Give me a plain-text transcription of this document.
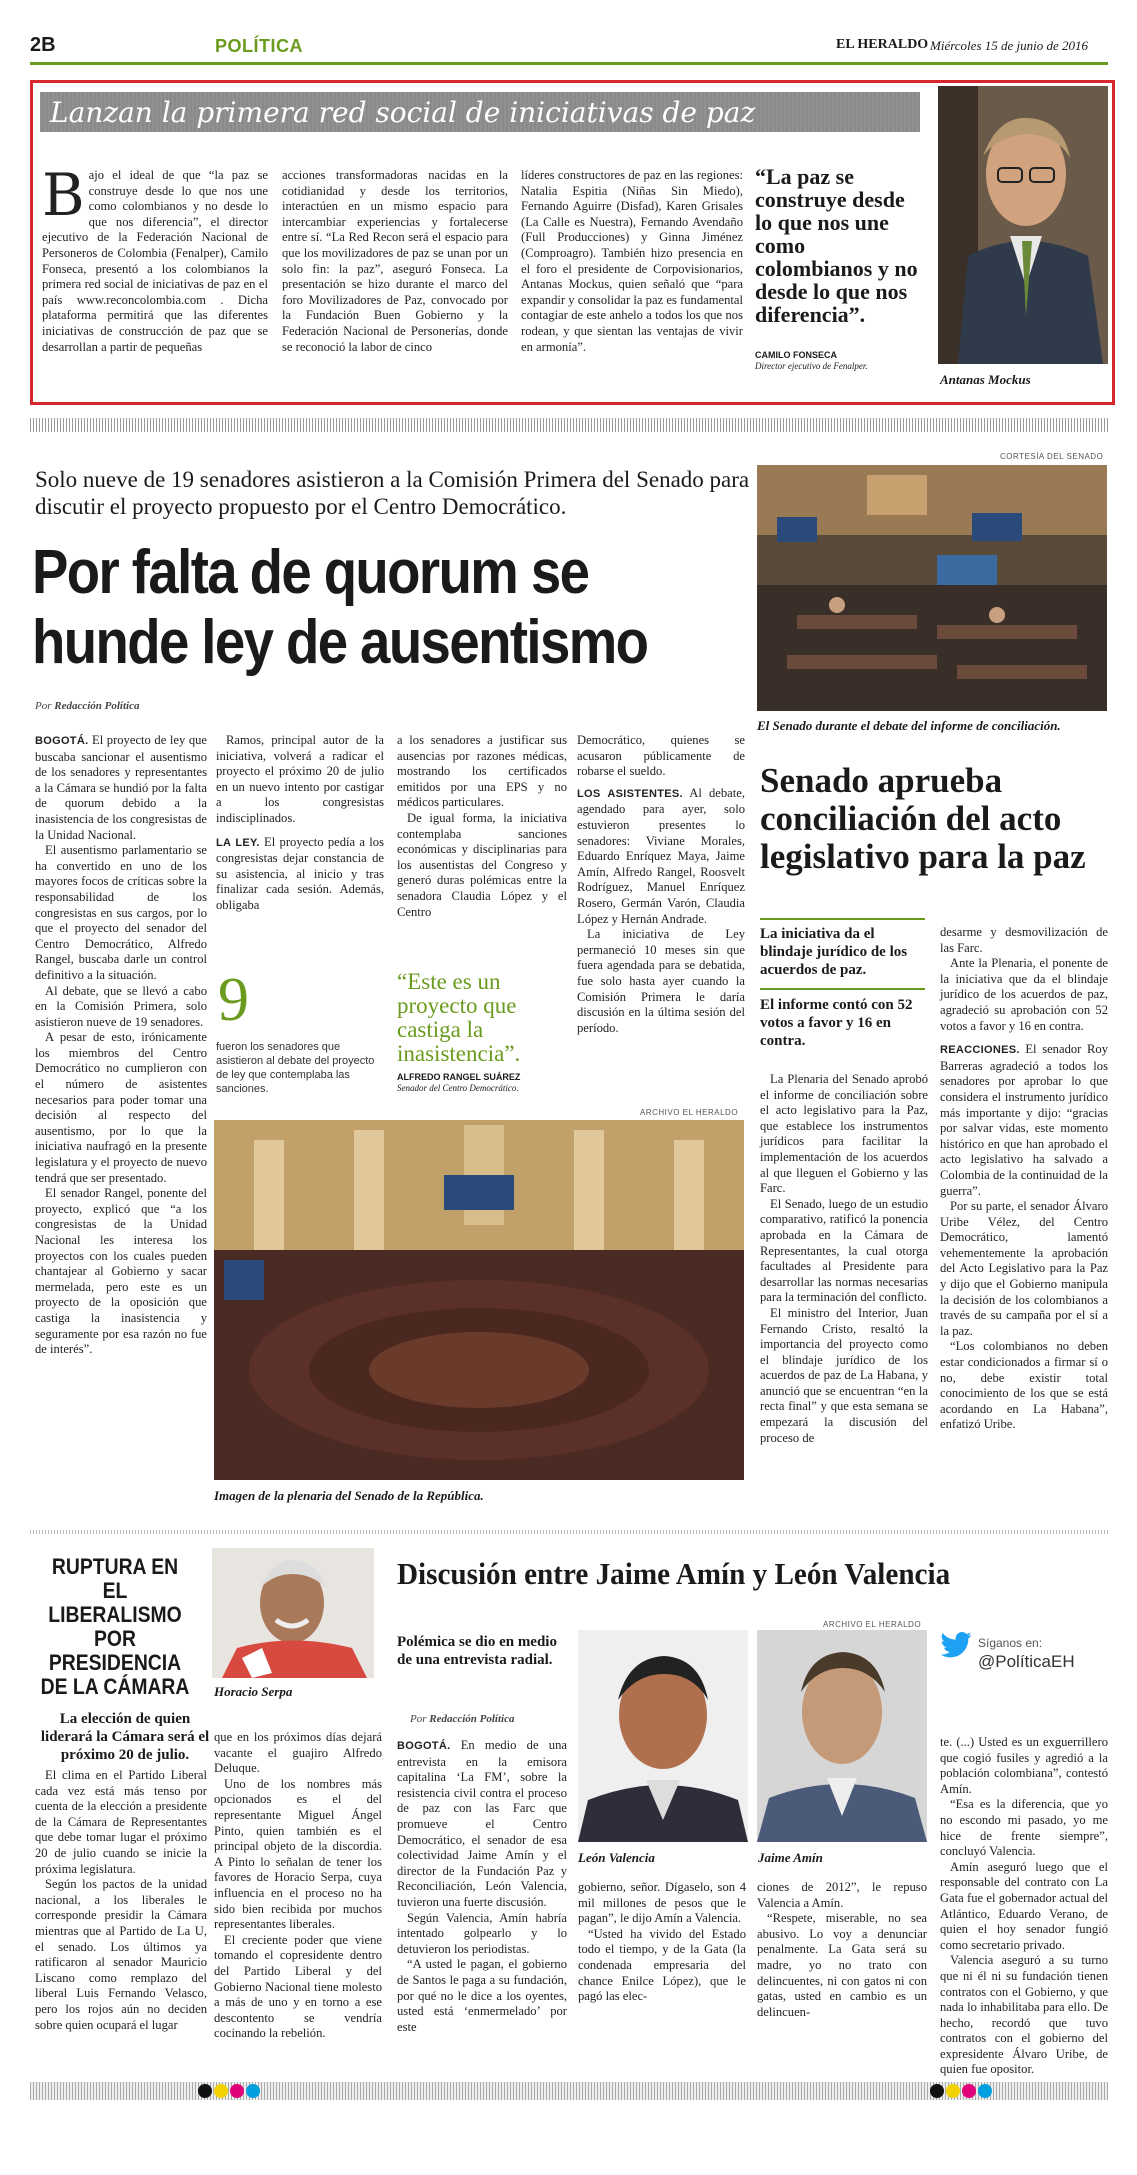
2B	POLÍTICA	EL HERALDO Miércoles 15 de junio de 2016
Lanzan la primera red social de iniciativas de paz

Bajo el ideal de que “la paz se construye desde lo que nos une como colombianos y no desde lo que nos diferencia”, el director ejecutivo de la Federación Nacional de Personeros de Colombia (Fenalper), Camilo Fonseca, presentó a los colombianos la primera red social de iniciativas de paz en el país www.reconcolombia.com . Dicha plataforma permitirá que las diferentes iniciativas de construcción de paz que se desarrollan a partir de pequeñas

acciones transformadoras nacidas en la cotidianidad y desde los territorios, interactúen en un mismo espacio para intercambiar experiencias y fortalecerse entre sí. “La Red Recon será el espacio para que los movilizadores de paz se unan por un solo fin: la paz”, aseguró Fonseca. La presentación se hizo durante el marco del foro Movilizadores de Paz, convocado por la Fundación Buen Gobierno y la Federación Nacional de Personerías, donde se reconoció la labor de cinco

líderes constructores de paz en las regiones: Natalia Espitia (Niñas Sin Miedo), Fernando Aguirre (Disfad), Karen Grisales (La Calle es Nuestra), Fernando Avendaño (Full Producciones) y Ginna Jiménez (Comproagro). También hizo presencia en el foro el presidente de Corpovisionarios, Antanas Mockus, quien señaló que “para expandir y consolidar la paz es fundamental contagiar de este anhelo a todos los que nos rodean, y que sientan las ventajas de vivir en armonía”.

“La paz se construye desde lo que nos une como colombianos y no desde lo que nos diferencia”.
CAMILO FONSECA
Director ejecutivo de Fenalper.
Antanas Mockus
Solo nueve de 19 senadores asistieron a la Comisión Primera del Senado para discutir el proyecto propuesto por el Centro Democrático.
Por falta de quorum se hunde ley de ausentismo
Por Redacción Política
CORTESÍA DEL SENADO
El Senado durante el debate del informe de conciliación.

BOGOTÁ. El proyecto de ley que buscaba sancionar el ausentismo de los senadores y representantes a la Cámara se hundió por la falta de quorum debido a la inasistencia de los congresistas de la Unidad Nacional.

El ausentismo parlamentario se ha convertido en uno de los mayores focos de críticas sobre la responsabilidad de los congresistas en sus cargos, por lo que el proyecto del senador del Centro Democrático, Alfredo Rangel, buscaba darle un control definitivo a la situación.

Al debate, que se llevó a cabo en la Comisión Primera, solo asistieron nueve de 19 senadores.

A pesar de esto, irónicamente los miembros del Centro Democrático no cumplieron con el número de asistentes necesarios para poder tomar una decisión al respecto del ausentismo, por lo que la iniciativa naufragó en la presente legislatura y el proyecto de nuevo tendrá que ser presentado.

El senador Rangel, ponente del proyecto, explicó que “a los congresistas de la Unidad Nacional les interesa los proyectos con los cuales pueden chantajear al Gobierno y sacar mermelada, pero este es un proyecto de la oposición que castiga la inasistencia y seguramente por esa razón no fue de interés”.

Ramos, principal autor de la iniciativa, volverá a radicar el proyecto el próximo 20 de julio en un nuevo intento por castigar a los congresistas indisciplinados.

LA LEY. El proyecto pedía a los congresistas dejar constancia de su asistencia, al inicio y tras finalizar cada sesión. Además, obligaba

a los senadores a justificar sus ausencias por razones médicas, mostrando los certificados emitidos por una EPS y no médicos particulares.

De igual forma, la iniciativa contemplaba sanciones económicas y disciplinarias para los ausentistas del Congreso y generó duras polémicas entre la senadora Claudia López y el Centro

Democrático, quienes se acusaron públicamente de robarse el sueldo.

LOS ASISTENTES. Al debate, agendado para ayer, solo estuvieron presentes lo senadores: Viviane Morales, Eduardo Enríquez Maya, Jaime Amín, Alfredo Rangel, Roosvelt Rodríguez, Manuel Enríquez Rosero, Germán Varón, Claudia López y Hernán Andrade.

La iniciativa de Ley permaneció 10 meses sin que fuera agendada para se debatida, fue solo hasta ayer cuando la Comisión Primera le daría discusión en la última sesión del período.

9
fueron los senadores que asistieron al debate del proyecto de ley que contemplaba las sanciones.
“Este es un proyecto que castiga la inasistencia”.
ALFREDO RANGEL SUÁREZ
Senador del Centro Democrático.
ARCHIVO EL HERALDO
Imagen de la plenaria del Senado de la República.
Senado aprueba conciliación del acto legislativo para la paz
La iniciativa da el blindaje jurídico de los acuerdos de paz.
El informe contó con 52 votos a favor y 16 en contra.

La Plenaria del Senado aprobó el informe de conciliación sobre el acto legislativo para la Paz, que establece los instrumentos jurídicos para facilitar la implementación de los acuerdos al que lleguen el Gobierno y las Farc.

El Senado, luego de un estudio comparativo, ratificó la ponencia aprobada en la Cámara de Representantes, la cual otorga facultades al Presidente para desarrollar las normas necesarias para la terminación del conflicto.

El ministro del Interior, Juan Fernando Cristo, resaltó la importancia del proyecto como el blindaje jurídico de los acuerdos de paz de La Habana, y anunció que se encuentran “en la recta final” y que esta semana se empezará la discusión del proceso de

desarme y desmovilización de las Farc.

Ante la Plenaria, el ponente de la iniciativa que da el blindaje jurídico de los acuerdos de paz, agradeció su aprobación con 52 votos a favor y 16 en contra.

REACCIONES. El senador Roy Barreras agradeció a todos los senadores por aprobar lo que considera el instrumento jurídico más importante y dijo: “gracias por salvar vidas, este momento histórico en que han aprobado el acto legislativo ha salvado a Colombia de la continuidad de la guerra”.

Por su parte, el senador Álvaro Uribe Vélez, del Centro Democrático, lamentó vehementemente la aprobación del Acto Legislativo para la Paz y dijo que el Gobierno manipula la decisión de los colombianos a través de su campaña por el sí a la paz.

“Los colombianos no deben estar condicionados a firmar sí o no, debe existir total conocimiento de los que se está acordando en La Habana”, enfatizó Uribe.

RUPTURA EN EL LIBERALISMO POR PRESIDENCIA DE LA CÁMARA
La elección de quien liderará la Cámara será el próximo 20 de julio.
Horacio Serpa

El clima en el Partido Liberal cada vez está más tenso por cuenta de la elección a presidente de la Cámara de Representantes que debe tomar lugar el próximo 20 de julio cuando se inicie la próxima legislatura.

Según los pactos de la unidad nacional, a los liberales le corresponde presidir la Cámara mientras que al Partido de La U, el senado. Los últimos ya ratificaron al senador Mauricio Liscano como remplazo del liberal Luis Fernando Velasco, pero los rojos aún no deciden sobre quien ocupará el lugar

que en los próximos días dejará vacante el guajiro Alfredo Deluque.

Uno de los nombres más opcionados es el del representante Miguel Ángel Pinto, quien también es el principal objeto de la discordia. A Pinto lo señalan de tener los favores de Horacio Serpa, cuya influencia en el proceso no ha sido bien recibida por muchos representantes liberales.

El creciente poder que viene tomando el copresidente dentro del Partido Liberal y del Gobierno Nacional tiene molesto a más de uno y en torno a ese descontento se vendría cocinando la rebelión.

Discusión entre Jaime Amín y León Valencia
Polémica se dio en medio de una entrevista radial.
Por Redacción Política
ARCHIVO EL HERALDO
León Valencia	Jaime Amín
Síganos en:
@PolíticaEH

BOGOTÁ. En medio de una entrevista en la emisora capitalina ‘La FM’, sobre la resistencia civil contra el proceso de paz con las Farc que promueve el Centro Democrático, el senador de esa colectividad Jaime Amín y el director de la Fundación Paz y Reconciliación, León Valencia, tuvieron una fuerte discusión.

Según Valencia, Amín habría intentado golpearlo y lo detuvieron los periodistas.

“A usted le pagan, el gobierno de Santos le paga a su fundación, por qué no le dice a los oyentes, usted está ‘enmermelado’ por este

gobierno, señor. Dígaselo, son 4 mil millones de pesos que le pagan”, le dijo Amín a Valencia.

“Usted ha vivido del Estado todo el tiempo, y de la Gata (la condenada empresaria del chance Enilce López), que le pagó las elec-

ciones de 2012”, le repuso Valencia a Amín.

“Respete, miserable, no sea abusivo. Lo voy a denunciar penalmente. La Gata será su madre, yo no trato con delincuentes, ni con gatos ni con gatas, usted en cambio es un delincuen-

te. (...) Usted es un exguerrillero que cogió fusiles y agredió a la población colombiana”, contestó Amín.

“Esa es la diferencia, que yo no escondo mi pasado, yo me hice de frente siempre”, concluyó Valencia.

Amín aseguró luego que el responsable del contrato con La Gata fue el gobernador actual del Atlántico, Eduardo Verano, de quien el hoy senador fungió como secretario privado.

Valencia aseguró a su turno que ni él ni su fundación tienen contratos con el Gobierno, y que nada lo inhabilitaba para ello. De hecho, recordó que tuvo contratos con el gobierno del expresidente Álvaro Uribe, de quien fue opositor.
